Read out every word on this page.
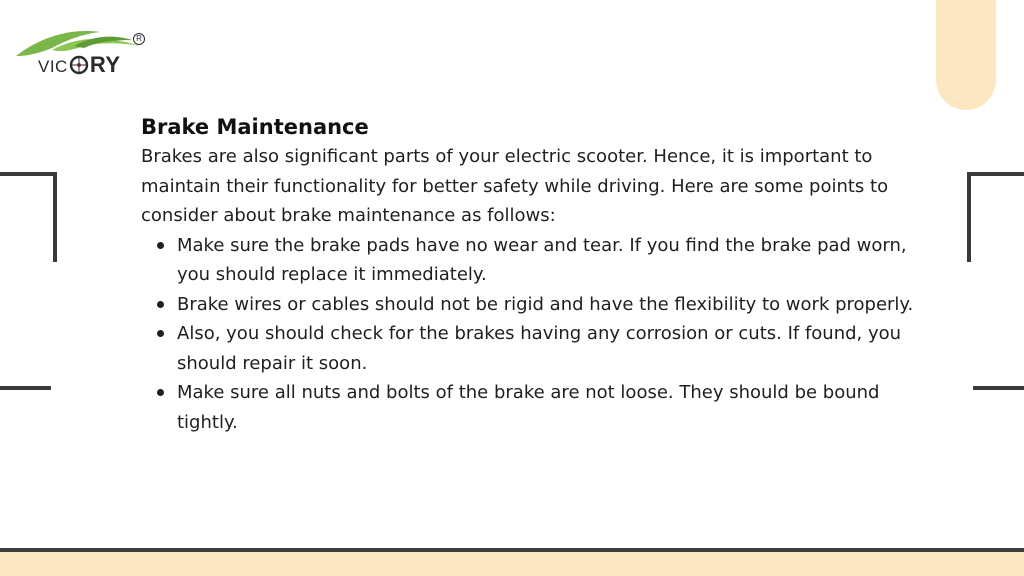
VIC RY
R
Brake Maintenance

Brakes are also significant parts of your electric scooter. Hence, it is important to maintain their functionality for better safety while driving. Here are some points to consider about brake maintenance as follows:

Make sure the brake pads have no wear and tear. If you find the brake pad worn, you should replace it immediately.
Brake wires or cables should not be rigid and have the flexibility to work properly.
Also, you should check for the brakes having any corrosion or cuts. If found, you should repair it soon.
Make sure all nuts and bolts of the brake are not loose. They should be bound tightly.
